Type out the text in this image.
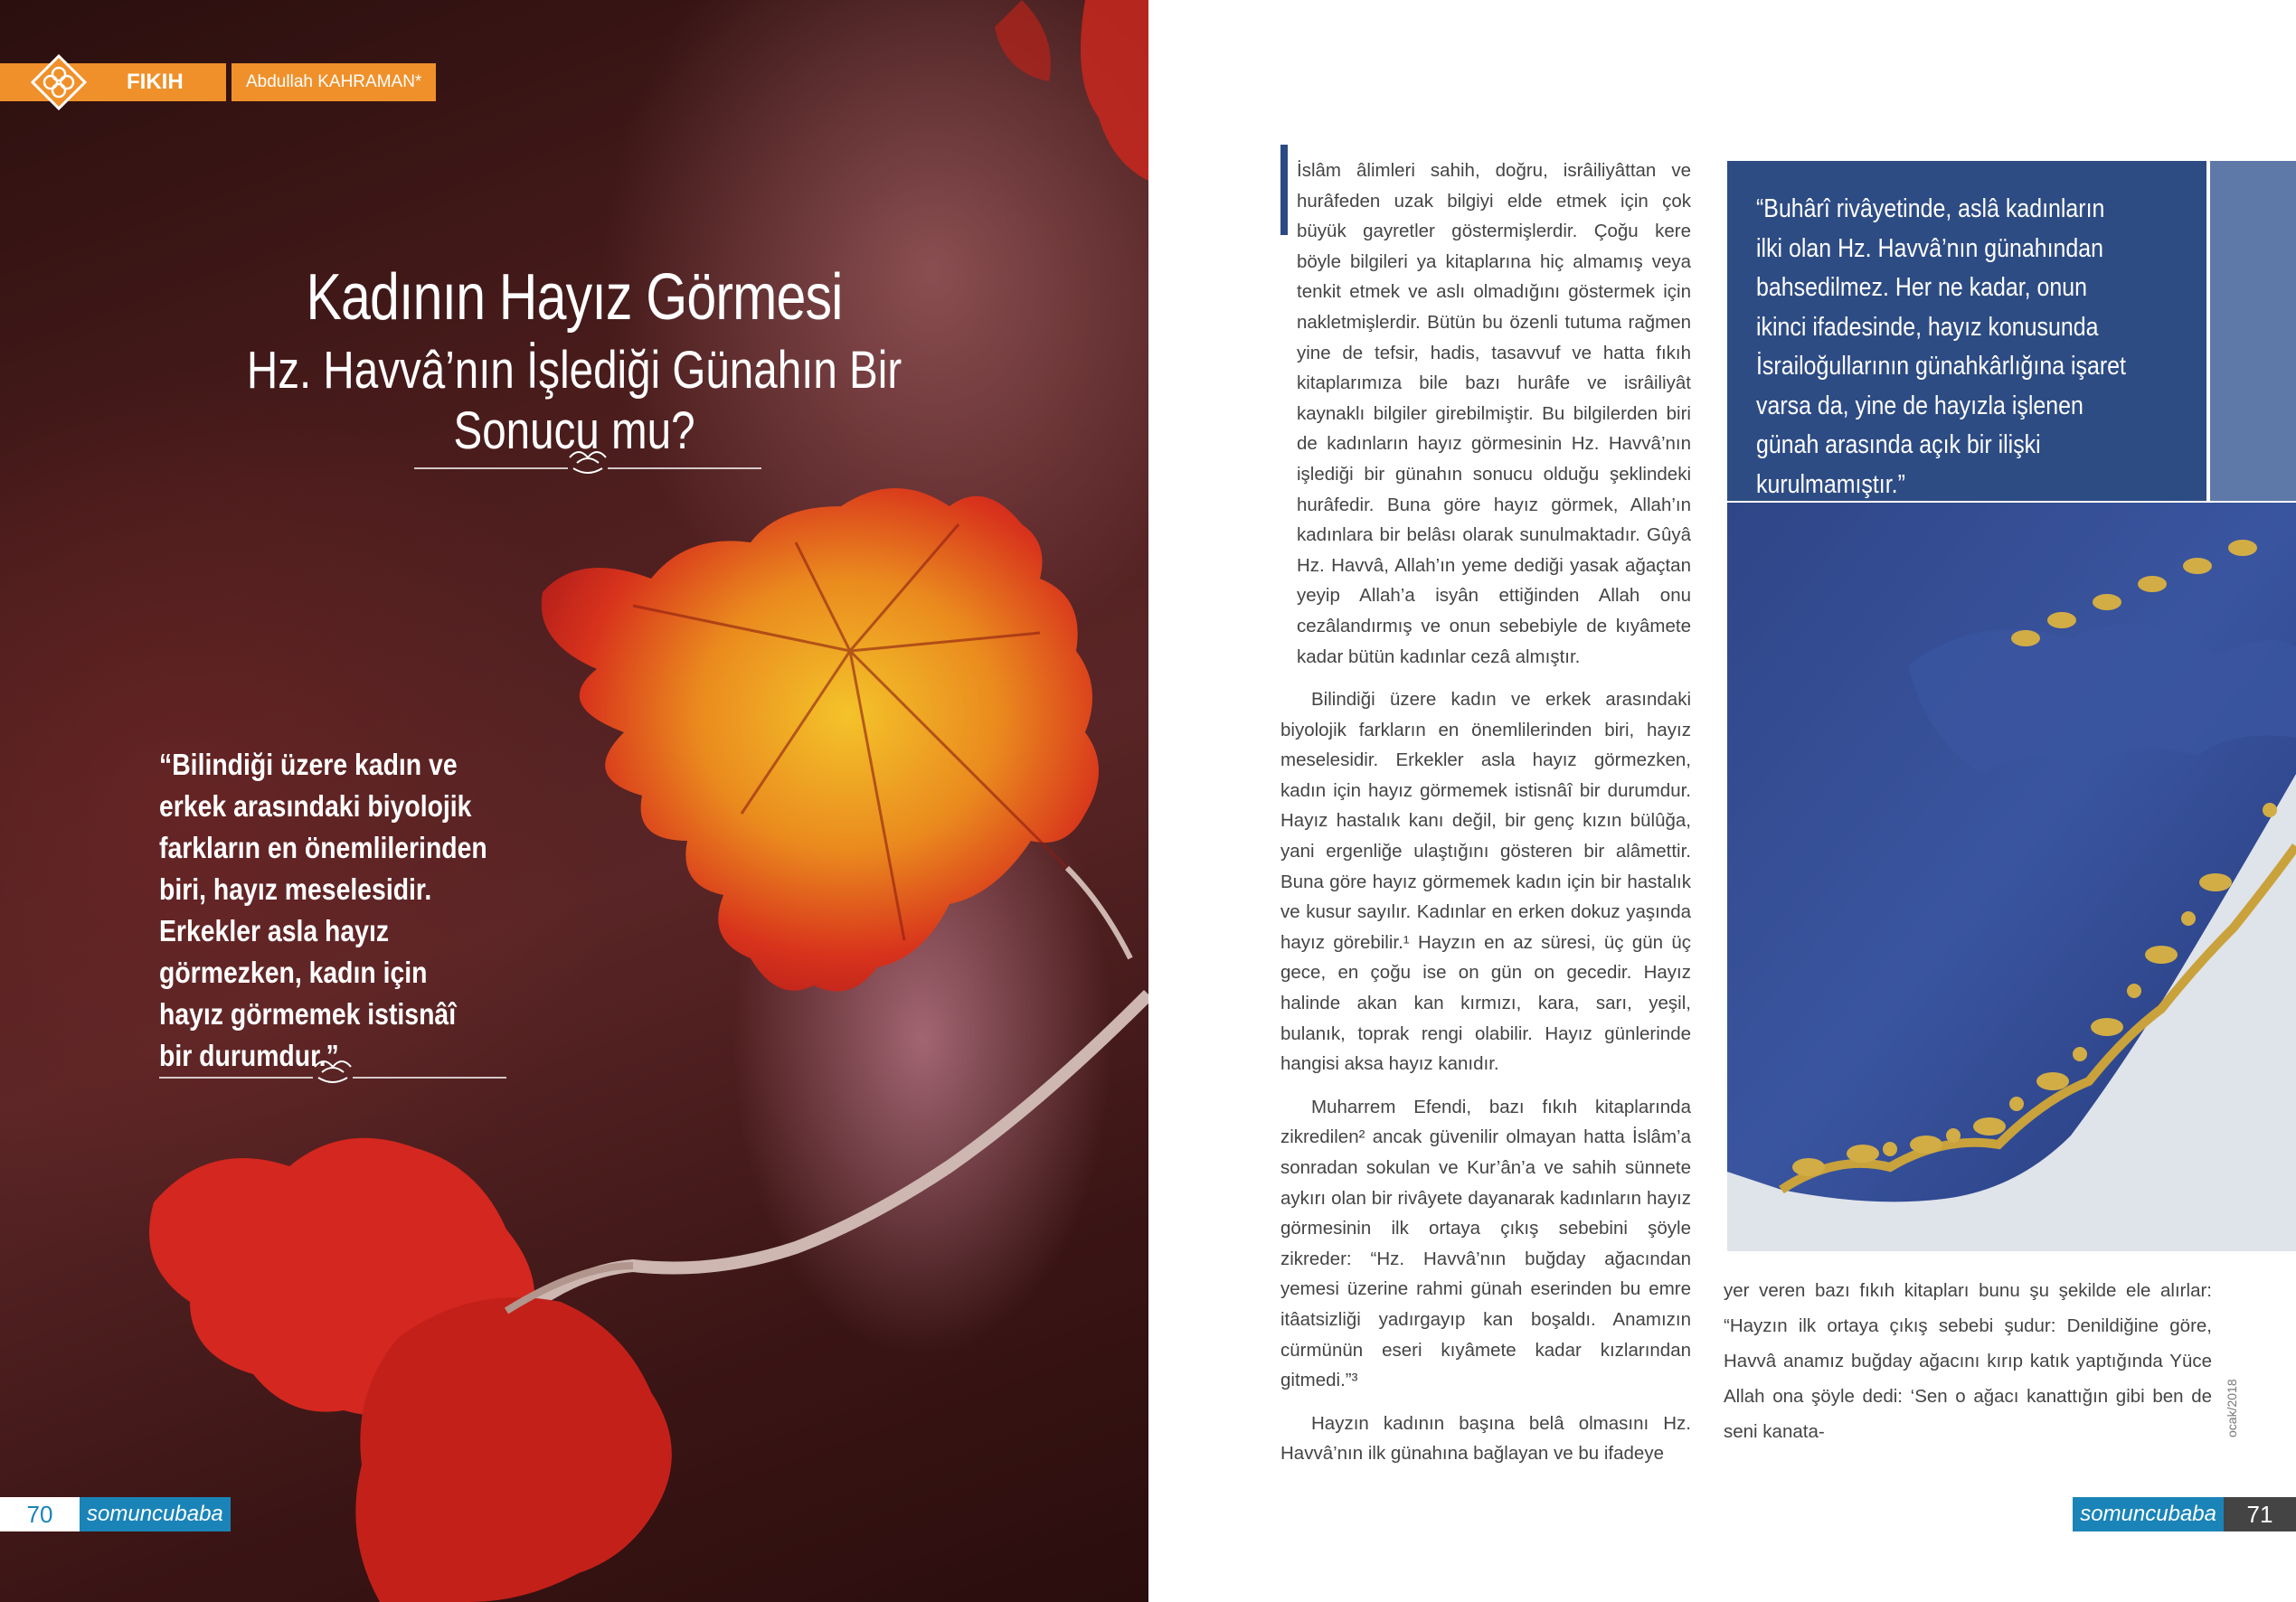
FIKIH	Abdullah KAHRAMAN*
Kadının Hayız Görmesi
Hz. Havvâ’nın İşlediği Günahın Bir Sonucu mu?
“Bilindiği üzere kadın ve erkek arasındaki biyolojik farkların en önemlilerinden biri, hayız meselesidir. Erkekler asla hayız görmezken, kadın için hayız görmemek istisnâî bir durumdur.”
70	somuncubaba

İslâm âlimleri sahih, doğru, isrâiliyâttan ve hurâfeden uzak bilgiyi elde etmek için çok büyük gayretler göstermişlerdir. Çoğu kere böyle bilgileri ya kitaplarına hiç almamış veya tenkit etmek ve aslı olmadığını göstermek için nakletmişlerdir. Bütün bu özenli tutuma rağmen yine de tefsir, hadis, tasavvuf ve hatta fıkıh kitaplarımıza bile bazı hurâfe ve isrâiliyât kaynaklı bilgiler girebilmiştir. Bu bilgilerden biri de kadınların hayız görmesinin Hz. Havvâ’nın işlediği bir günahın sonucu olduğu şeklindeki hurâfedir. Buna göre hayız görmek, Allah’ın kadınlara bir belâsı olarak sunulmaktadır. Gûyâ Hz. Havvâ, Allah’ın yeme dediği yasak ağaçtan yeyip Allah’a isyân ettiğinden Allah onu cezâlandırmış ve onun sebebiyle de kıyâmete kadar bütün kadınlar cezâ almıştır.

Bilindiği üzere kadın ve erkek arasındaki biyolojik farkların en önemlilerinden biri, hayız meselesidir. Erkekler asla hayız görmezken, kadın için hayız görmemek istisnâî bir durumdur. Hayız hastalık kanı değil, bir genç kızın bülûğa, yani ergenliğe ulaştığını gösteren bir alâmettir. Buna göre hayız görmemek kadın için bir hastalık ve kusur sayılır. Kadınlar en erken dokuz yaşında hayız görebilir.¹ Hayzın en az süresi, üç gün üç gece, en çoğu ise on gün on gecedir. Hayız halinde akan kan kırmızı, kara, sarı, yeşil, bulanık, toprak rengi olabilir. Hayız günlerinde hangisi aksa hayız kanıdır.

Muharrem Efendi, bazı fıkıh kitaplarında zikredilen² ancak güvenilir olmayan hatta İslâm’a sonradan sokulan ve Kur’ân’a ve sahih sünnete aykırı olan bir rivâyete dayanarak kadınların hayız görmesinin ilk ortaya çıkış sebebini şöyle zikreder: “Hz. Havvâ’nın buğday ağacından yemesi üzerine rahmi günah eserinden bu emre itâatsizliği yadırgayıp kan boşaldı. Anamızın cürmünün eseri kıyâmete kadar kızlarından gitmedi.”³

Hayzın kadının başına belâ olmasını Hz. Havvâ’nın ilk günahına bağlayan ve bu ifadeye

“Buhârî rivâyetinde, aslâ kadınların ilki olan Hz. Havvâ’nın günahından bahsedilmez. Her ne kadar, onun ikinci ifadesinde, hayız konusunda İsrailoğullarının günahkârlığına işaret varsa da, yine de hayızla işlenen günah arasında açık bir ilişki kurulmamıştır.”
yer veren bazı fıkıh kitapları bunu şu şekilde ele alırlar: “Hayzın ilk ortaya çıkış sebebi şudur: Denildiğine göre, Havvâ anamız buğday ağacını kırıp katık yaptığında Yüce Allah ona şöyle dedi: ‘Sen o ağacı kanattığın gibi ben de seni kanata-	ocak/2018
somuncubaba	71
